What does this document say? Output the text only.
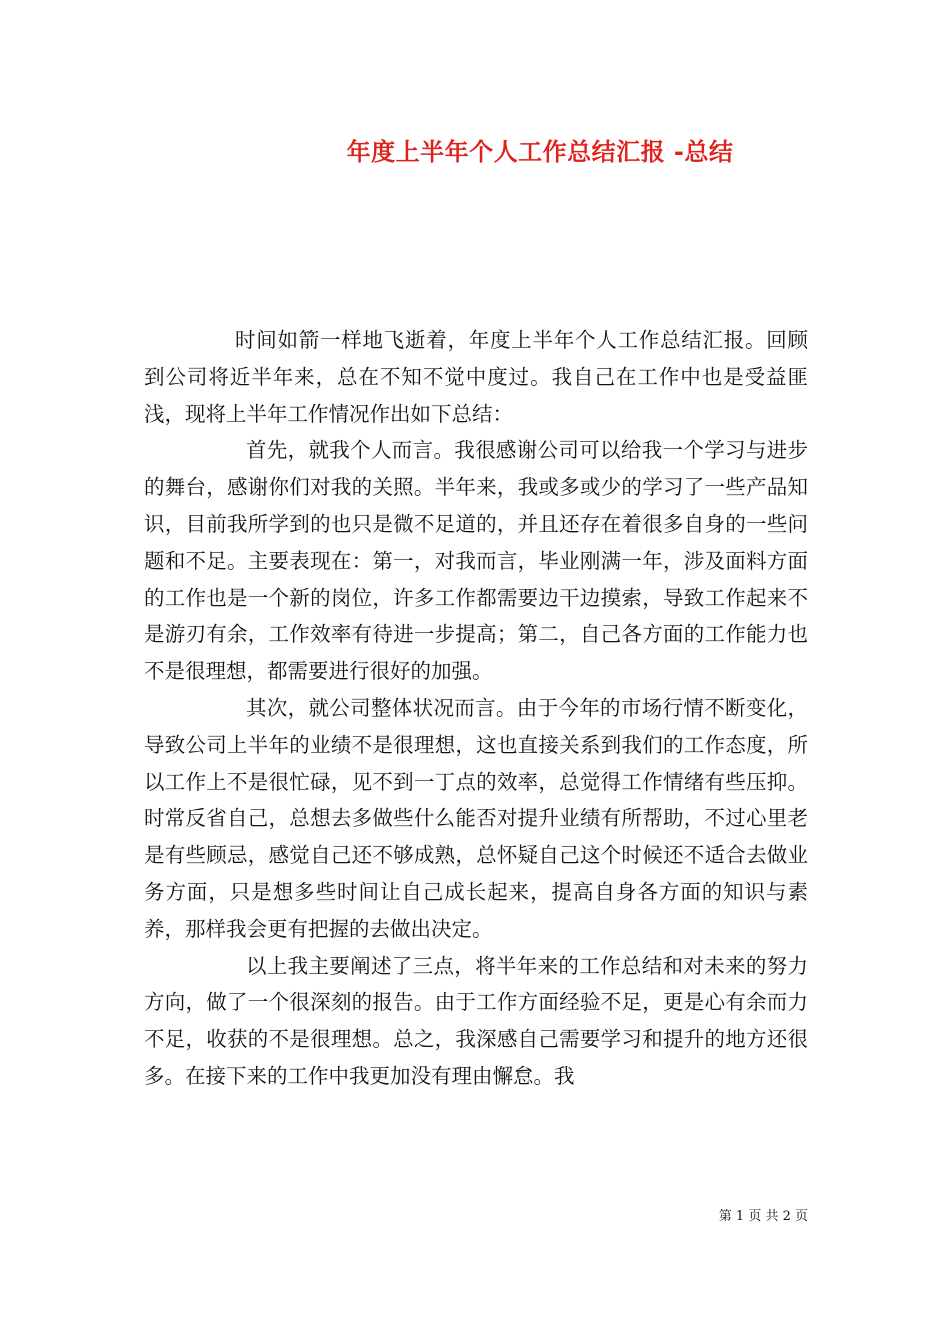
年度上半年个人工作总结汇报 -总结

时间如箭一样地飞逝着，年度上半年个人工作总结汇报。回顾到公司将近半年来，总在不知不觉中度过。我自己在工作中也是受益匪浅，现将上半年工作情况作出如下总结：

首先，就我个人而言。我很感谢公司可以给我一个学习与进步的舞台，感谢你们对我的关照。半年来，我或多或少的学习了一些产品知识，目前我所学到的也只是微不足道的，并且还存在着很多自身的一些问题和不足。主要表现在：第一，对我而言，毕业刚满一年，涉及面料方面的工作也是一个新的岗位，许多工作都需要边干边摸索，导致工作起来不是游刃有余，工作效率有待进一步提高；第二，自己各方面的工作能力也不是很理想，都需要进行很好的加强。

其次，就公司整体状况而言。由于今年的市场行情不断变化，导致公司上半年的业绩不是很理想，这也直接关系到我们的工作态度，所以工作上不是很忙碌，见不到一丁点的效率，总觉得工作情绪有些压抑。时常反省自己，总想去多做些什么能否对提升业绩有所帮助，不过心里老是有些顾忌，感觉自己还不够成熟，总怀疑自己这个时候还不适合去做业务方面，只是想多些时间让自己成长起来，提高自身各方面的知识与素养，那样我会更有把握的去做出决定。

以上我主要阐述了三点，将半年来的工作总结和对未来的努力方向，做了一个很深刻的报告。由于工作方面经验不足，更是心有余而力不足，收获的不是很理想。总之，我深感自己需要学习和提升的地方还很多。在接下来的工作中我更加没有理由懈怠。我

第 1 页 共 2 页
